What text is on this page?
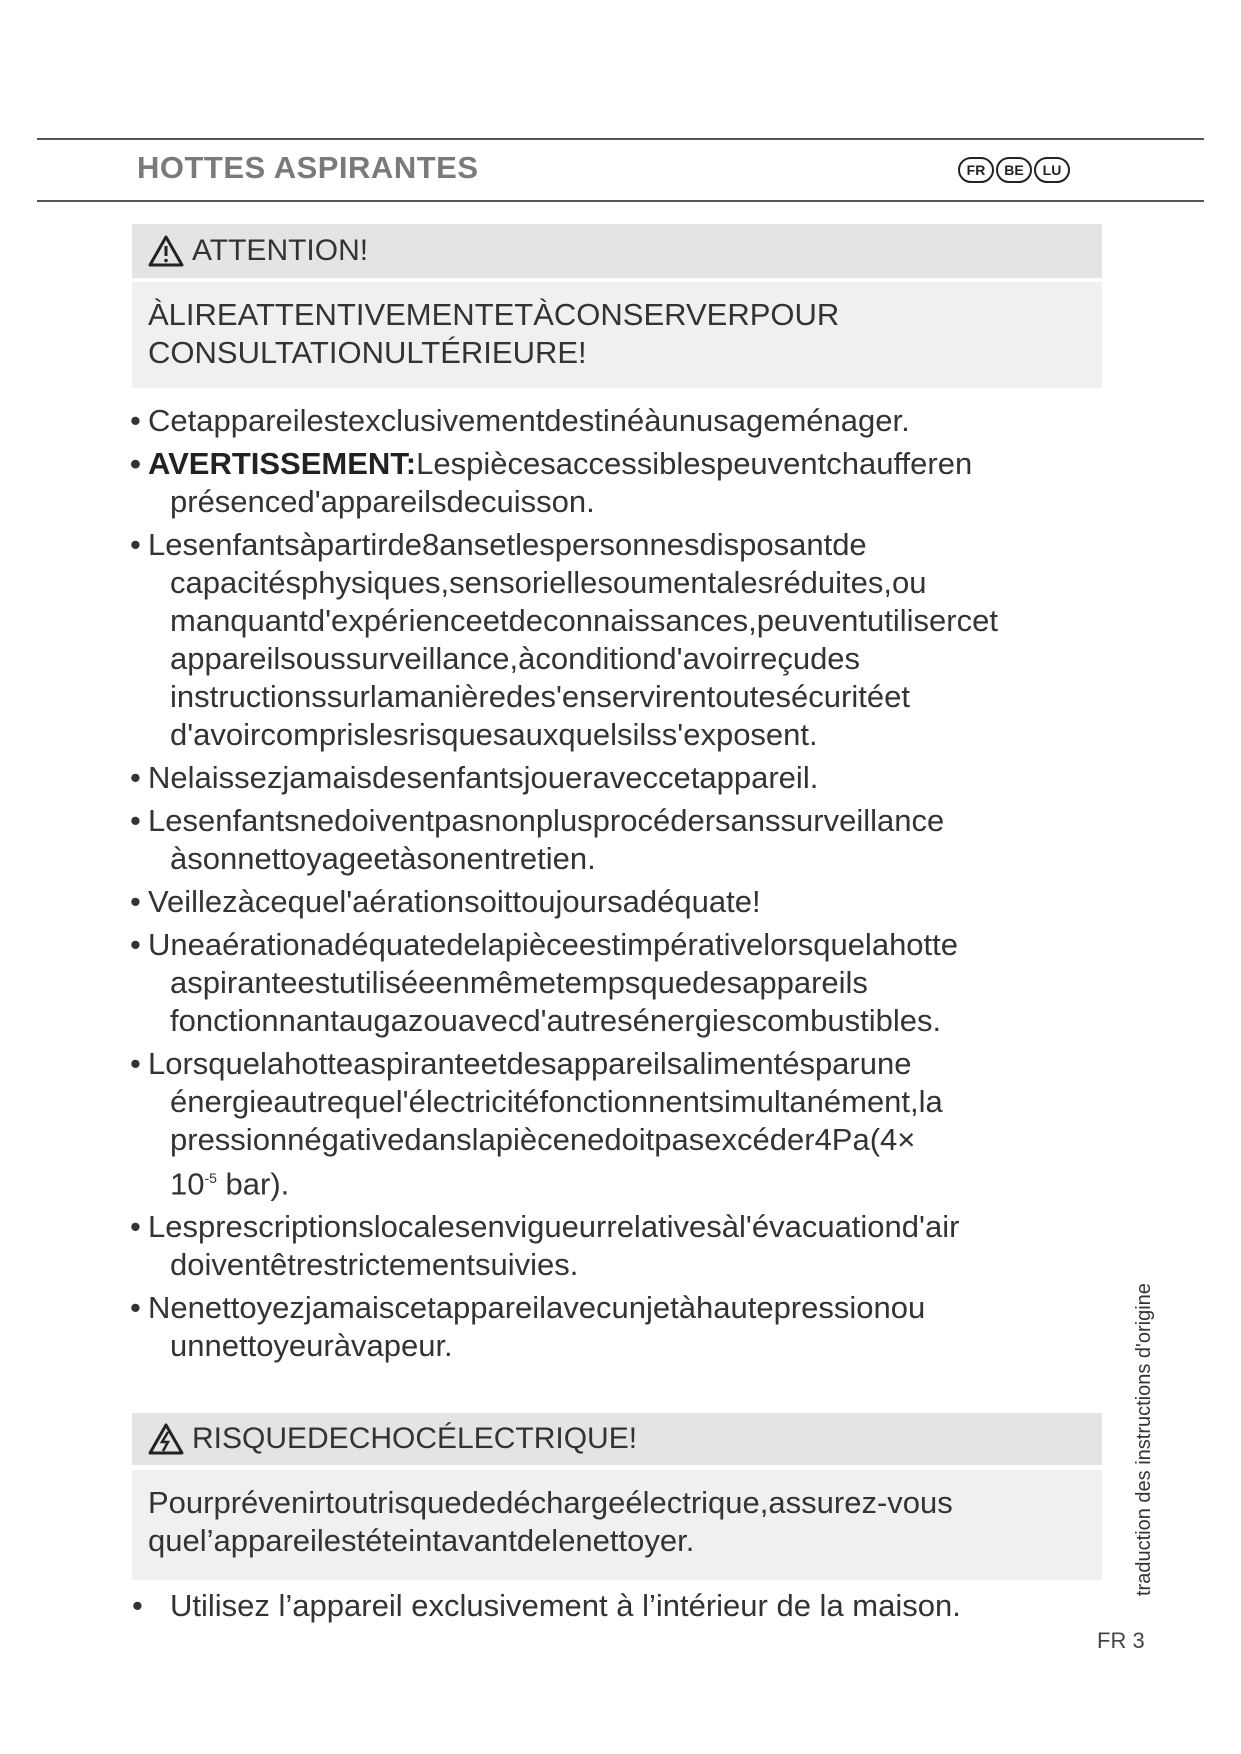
HOTTES ASPIRANTES	FR	BE	LU
ATTENTION!
ÀLIREATTENTIVEMENTETÀCONSERVERPOUR
CONSULTATIONULTÉRIEURE!
• Cetappareilestexclusivementdestinéàunusageménager.
• AVERTISSEMENT:Lespiècesaccessiblespeuventchaufferen
présenced'appareilsdecuisson.
• Lesenfantsàpartirde8ansetlespersonnesdisposantde
capacitésphysiques,sensoriellesoumentalesréduites,ou
manquantd'expérienceetdeconnaissances,peuventutilisercet
appareilsoussurveillance,àconditiond'avoirreçudes
instructionssurlamanièredes'enservirentoutesécuritéet
d'avoircomprislesrisquesauxquelsilss'exposent.
• Nelaissezjamaisdesenfantsjoueraveccetappareil.
• Lesenfantsnedoiventpasnonplusprocédersanssurveillance
àsonnettoyageetàsonentretien.
• Veillezàcequel'aérationsoittoujoursadéquate!
• Uneaérationadéquatedelapièceestimpérativelorsquelahotte
aspiranteestutiliséeenmêmetempsquedesappareils
fonctionnantaugazouavecd'autresénergiescombustibles.
• Lorsquelahotteaspiranteetdesappareilsalimentésparune
énergieautrequel'électricitéfonctionnentsimultanément,la
pressionnégativedanslapiècenedoitpasexcéder4Pa(4×
$10^{-5}$ bar).
• Lesprescriptionslocalesenvigueurrelativesàl'évacuationd'air
doiventêtrestrictementsuivies.
• Nenettoyezjamaiscetappareilavecunjetàhautepressionou
unnettoyeuràvapeur.
RISQUEDECHOCÉLECTRIQUE!
Pourprévenirtoutrisquededéchargeélectrique,assurez-vous
quel’appareilestéteintavantdelenettoyer.
• Utilisez l’appareil exclusivement à l’intérieur de la maison.
traduction des instructions d'origine
FR 3
